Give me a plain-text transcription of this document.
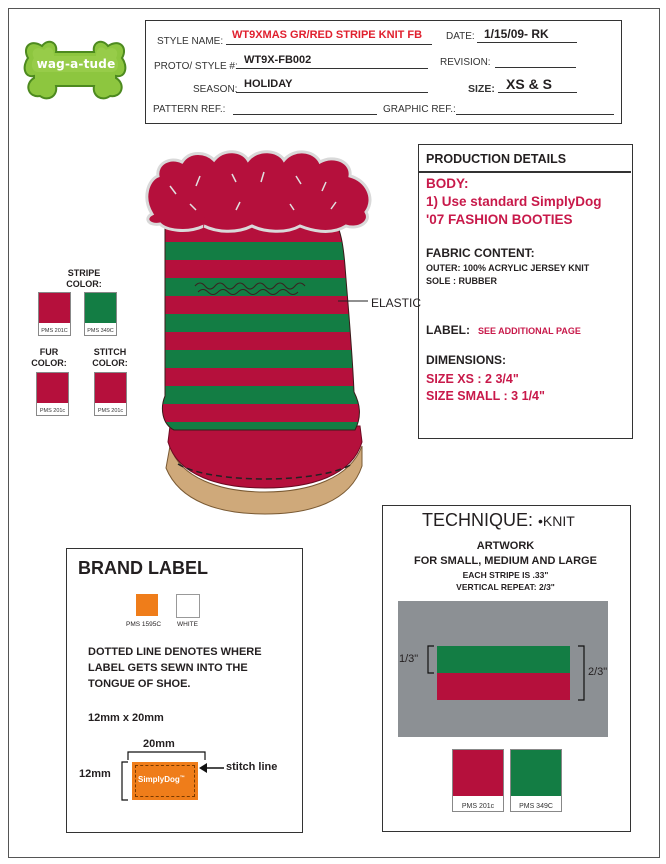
wag-a-tude
STYLE NAME:
WT9XMAS GR/RED STRIPE KNIT FB DATE: 1/15/09- RK
PROTO/ STYLE #:
WT9X-FB002	REVISION:
SEASON: HOLIDAY	SIZE: XS & S
PATTERN REF.:	GRAPHIC REF.:
ELASTIC
STRIPE COLOR:
PMS 201C	PMS 349C
FUR COLOR:
PMS 201c
STITCH COLOR:
PMS 201c
PRODUCTION DETAILS
BODY:
1) Use standard SimplyDog
'07 FASHION BOOTIES
FABRIC CONTENT:
OUTER: 100% ACRYLIC JERSEY KNIT
SOLE : RUBBER
LABEL: SEE ADDITIONAL PAGE
DIMENSIONS:
SIZE XS : 2 3/4"
SIZE SMALL : 3 1/4"
TECHNIQUE: •KNIT
ARTWORK
FOR SMALL, MEDIUM AND LARGE
EACH STRIPE IS .33"
VERTICAL REPEAT: 2/3"
1/3"
2/3"
PMS 201c	PMS 349C
BRAND LABEL
PMS 1595C WHITE
DOTTED LINE DENOTES WHERE
LABEL GETS SEWN INTO THE
TONGUE OF SHOE.
12mm x 20mm
20mm
12mm	SimplyDog™
stitch line
